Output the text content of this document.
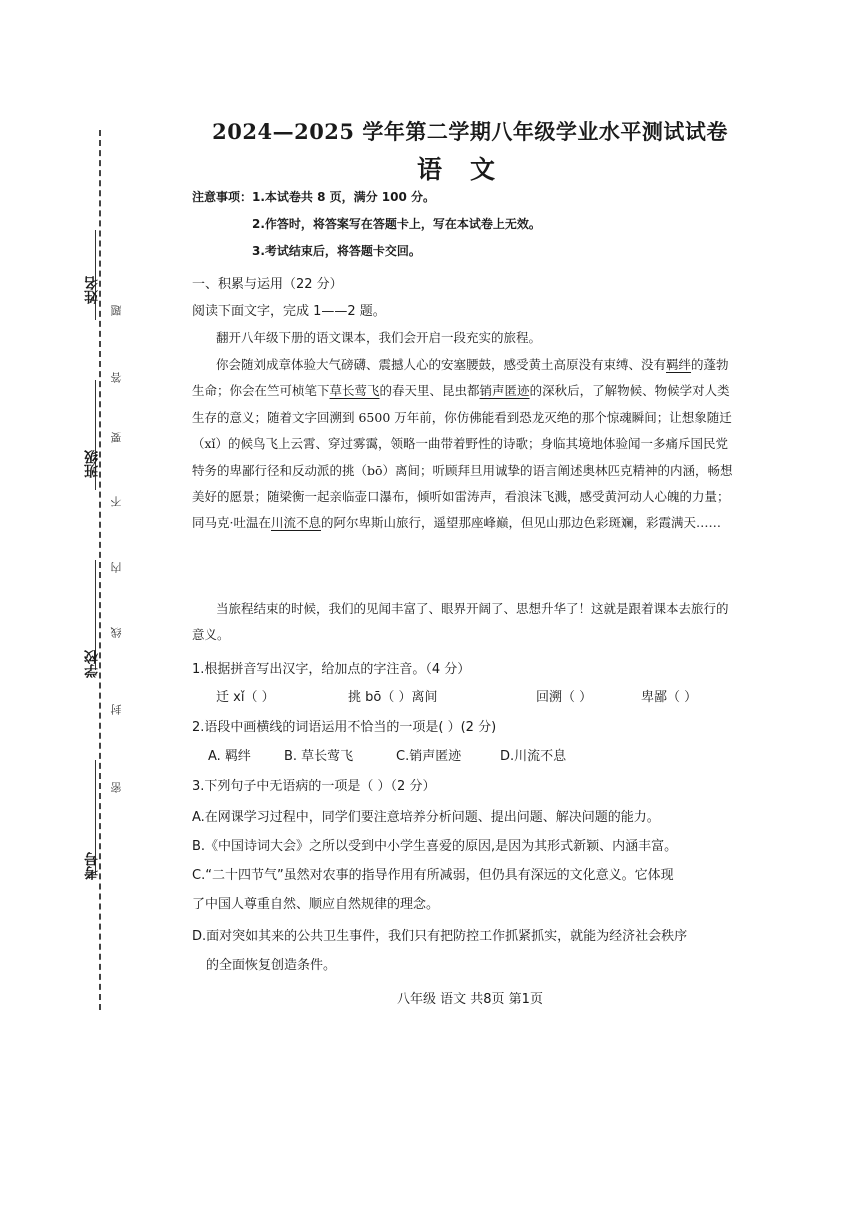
姓名
班级
学校
考号
题
答
要
不
内
线
封
密
2024—2025 学年第二学期八年级学业水平测试试卷
语文
注意事项：1.本试卷共 8 页，满分 100 分。
2.作答时，将答案写在答题卡上，写在本试卷上无效。
3.考试结束后，将答题卡交回。
一、积累与运用（22 分）
阅读下面文字，完成 1——2 题。
翻开八年级下册的语文课本，我们会开启一段充实的旅程。
你会随刘成章体验大气磅礴、震撼人心的安塞腰鼓，感受黄土高原没有束缚、没有羁绊的蓬勃生命；你会在竺可桢笔下草长莺飞的春天里、昆虫都销声匿迹的深秋后，了解物候、物候学对人类生存的意义；随着文字回溯到 6500 万年前，你仿佛能看到恐龙灭绝的那个惊魂瞬间；让想象随迁（xǐ）的候鸟飞上云霄、穿过雾霭，领略一曲带着野性的诗歌；身临其境地体验闻一多痛斥国民党特务的卑鄙行径和反动派的挑（bō）离间；听顾拜旦用诚挚的语言阐述奥林匹克精神的内涵，畅想美好的愿景；随梁衡一起亲临壶口瀑布，倾听如雷涛声，看浪沫飞溅，感受黄河动人心魄的力量；同马克·吐温在川流不息的阿尔卑斯山旅行，遥望那座峰巅，但见山那边色彩斑斓，彩霞满天……
当旅程结束的时候，我们的见闻丰富了、眼界开阔了、思想升华了！这就是跟着课本去旅行的意义。
1.根据拼音写出汉字，给加点的字注音。（4 分）
迁 xǐ（ ）	挑 bō（ ）离间	回溯（ ）	卑鄙（ ）
2.语段中画横线的词语运用不恰当的一项是( ）(2 分)
A. 羁绊	B. 草长莺飞	C.销声匿迹	D.川流不息
3.下列句子中无语病的一项是（ ）（2 分）
A.在网课学习过程中，同学们要注意培养分析问题、提出问题、解决问题的能力。
B.《中国诗词大会》之所以受到中小学生喜爱的原因,是因为其形式新颖、内涵丰富。
C.“二十四节气”虽然对农事的指导作用有所减弱，但仍具有深远的文化意义。它体现
了中国人尊重自然、顺应自然规律的理念。
D.面对突如其来的公共卫生事件，我们只有把防控工作抓紧抓实，就能为经济社会秩序
的全面恢复创造条件。
八年级 语文 共8页 第1页
